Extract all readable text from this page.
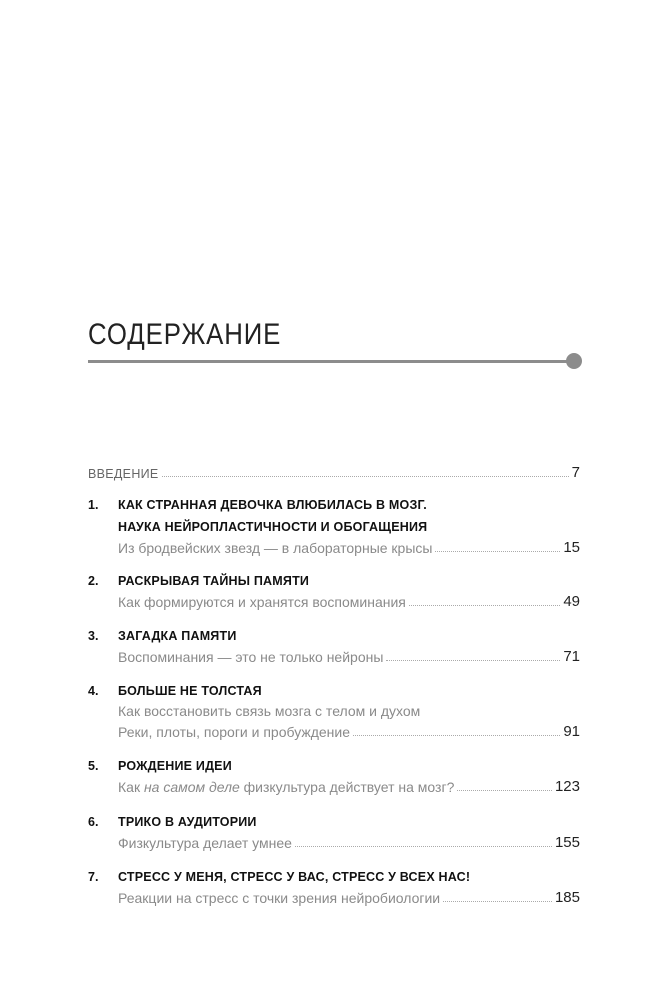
СОДЕРЖАНИЕ
ВВЕДЕНИЕ	7
1. КАК СТРАННАЯ ДЕВОЧКА ВЛЮБИЛАСЬ В МОЗГ.
НАУКА НЕЙРОПЛАСТИЧНОСТИ И ОБОГАЩЕНИЯ
Из бродвейских звезд — в лабораторные крысы	15
2. РАСКРЫВАЯ ТАЙНЫ ПАМЯТИ
Как формируются и хранятся воспоминания	49
3. ЗАГАДКА ПАМЯТИ
Воспоминания — это не только нейроны	71
4. БОЛЬШЕ НЕ ТОЛСТАЯ
Как восстановить связь мозга с телом и духом
Реки, плоты, пороги и пробуждение	91
5. РОЖДЕНИЕ ИДЕИ
Как на самом деле физкультура действует на мозг?	123
6. ТРИКО В АУДИТОРИИ
Физкультура делает умнее	155
7. СТРЕСС У МЕНЯ, СТРЕСС У ВАС, СТРЕСС У ВСЕХ НАС!
Реакции на стресс с точки зрения нейробиологии	185
